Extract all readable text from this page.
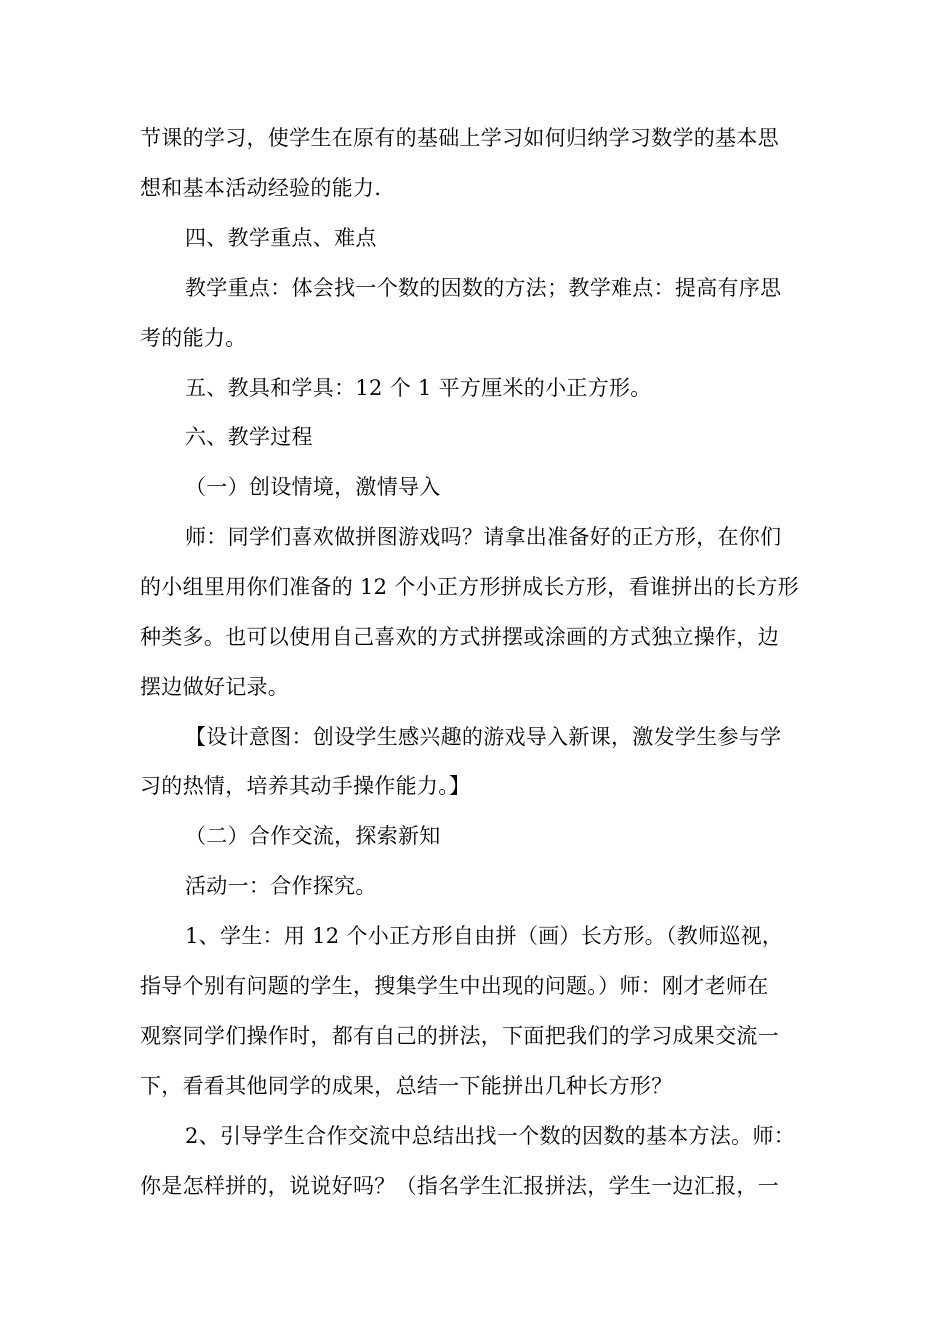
节课的学习，使学生在原有的基础上学习如何归纳学习数学的基本思
想和基本活动经验的能力.
四、教学重点、难点
教学重点：体会找一个数的因数的方法；教学难点：提高有序思
考的能力。
五、教具和学具：12 个 1 平方厘米的小正方形。
六、教学过程
（一）创设情境，激情导入
师：同学们喜欢做拼图游戏吗？请拿出准备好的正方形，在你们
的小组里用你们准备的 12 个小正方形拼成长方形，看谁拼出的长方形
种类多。也可以使用自己喜欢的方式拼摆或涂画的方式独立操作，边
摆边做好记录。
【设计意图：创设学生感兴趣的游戏导入新课，激发学生参与学
习的热情，培养其动手操作能力。】
（二）合作交流，探索新知
活动一：合作探究。
1、学生：用 12 个小正方形自由拼（画）长方形。（教师巡视，
指导个别有问题的学生，搜集学生中出现的问题。）师：刚才老师在
观察同学们操作时，都有自己的拼法，下面把我们的学习成果交流一
下，看看其他同学的成果，总结一下能拼出几种长方形？
2、引导学生合作交流中总结出找一个数的因数的基本方法。师：
你是怎样拼的，说说好吗？（指名学生汇报拼法，学生一边汇报，一
